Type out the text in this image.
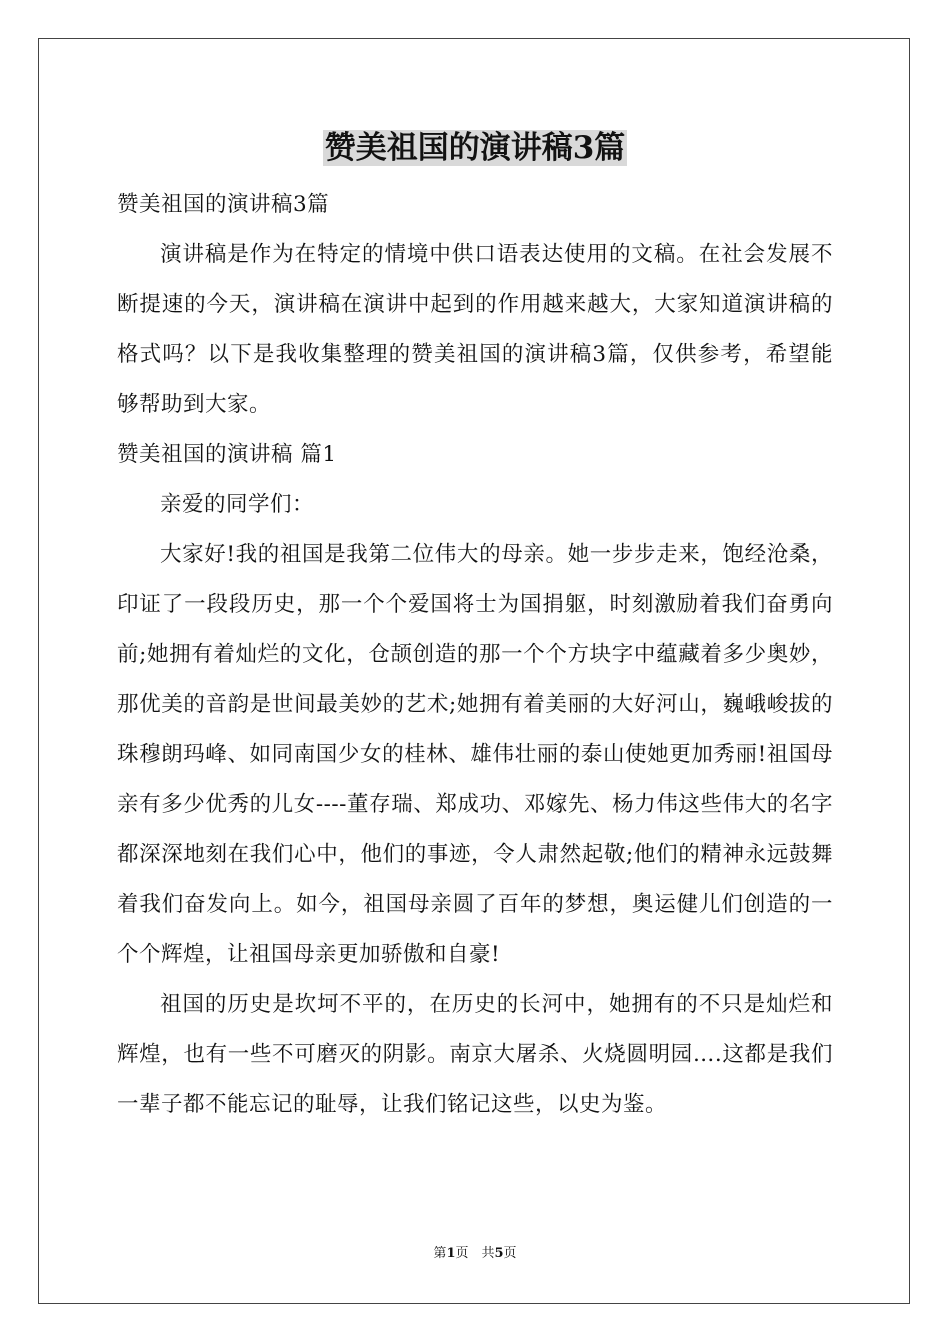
赞美祖国的演讲稿3篇

赞美祖国的演讲稿3篇

演讲稿是作为在特定的情境中供口语表达使用的文稿。在社会发展不断提速的今天，演讲稿在演讲中起到的作用越来越大，大家知道演讲稿的格式吗？以下是我收集整理的赞美祖国的演讲稿3篇，仅供参考，希望能够帮助到大家。

赞美祖国的演讲稿 篇1

亲爱的同学们：

大家好!我的祖国是我第二位伟大的母亲。她一步步走来，饱经沧桑，印证了一段段历史，那一个个爱国将士为国捐躯，时刻激励着我们奋勇向前;她拥有着灿烂的文化，仓颉创造的那一个个方块字中蕴藏着多少奥妙，那优美的音韵是世间最美妙的艺术;她拥有着美丽的大好河山，巍峨峻拔的珠穆朗玛峰、如同南国少女的桂林、雄伟壮丽的泰山使她更加秀丽!祖国母亲有多少优秀的儿女----董存瑞、郑成功、邓嫁先、杨力伟这些伟大的名字都深深地刻在我们心中，他们的事迹，令人肃然起敬;他们的精神永远鼓舞着我们奋发向上。如今，祖国母亲圆了百年的梦想，奥运健儿们创造的一个个辉煌，让祖国母亲更加骄傲和自豪!

祖国的历史是坎坷不平的，在历史的长河中，她拥有的不只是灿烂和辉煌，也有一些不可磨灭的阴影。南京大屠杀、火烧圆明园….这都是我们一辈子都不能忘记的耻辱，让我们铭记这些，以史为鉴。

第1页　共5页
